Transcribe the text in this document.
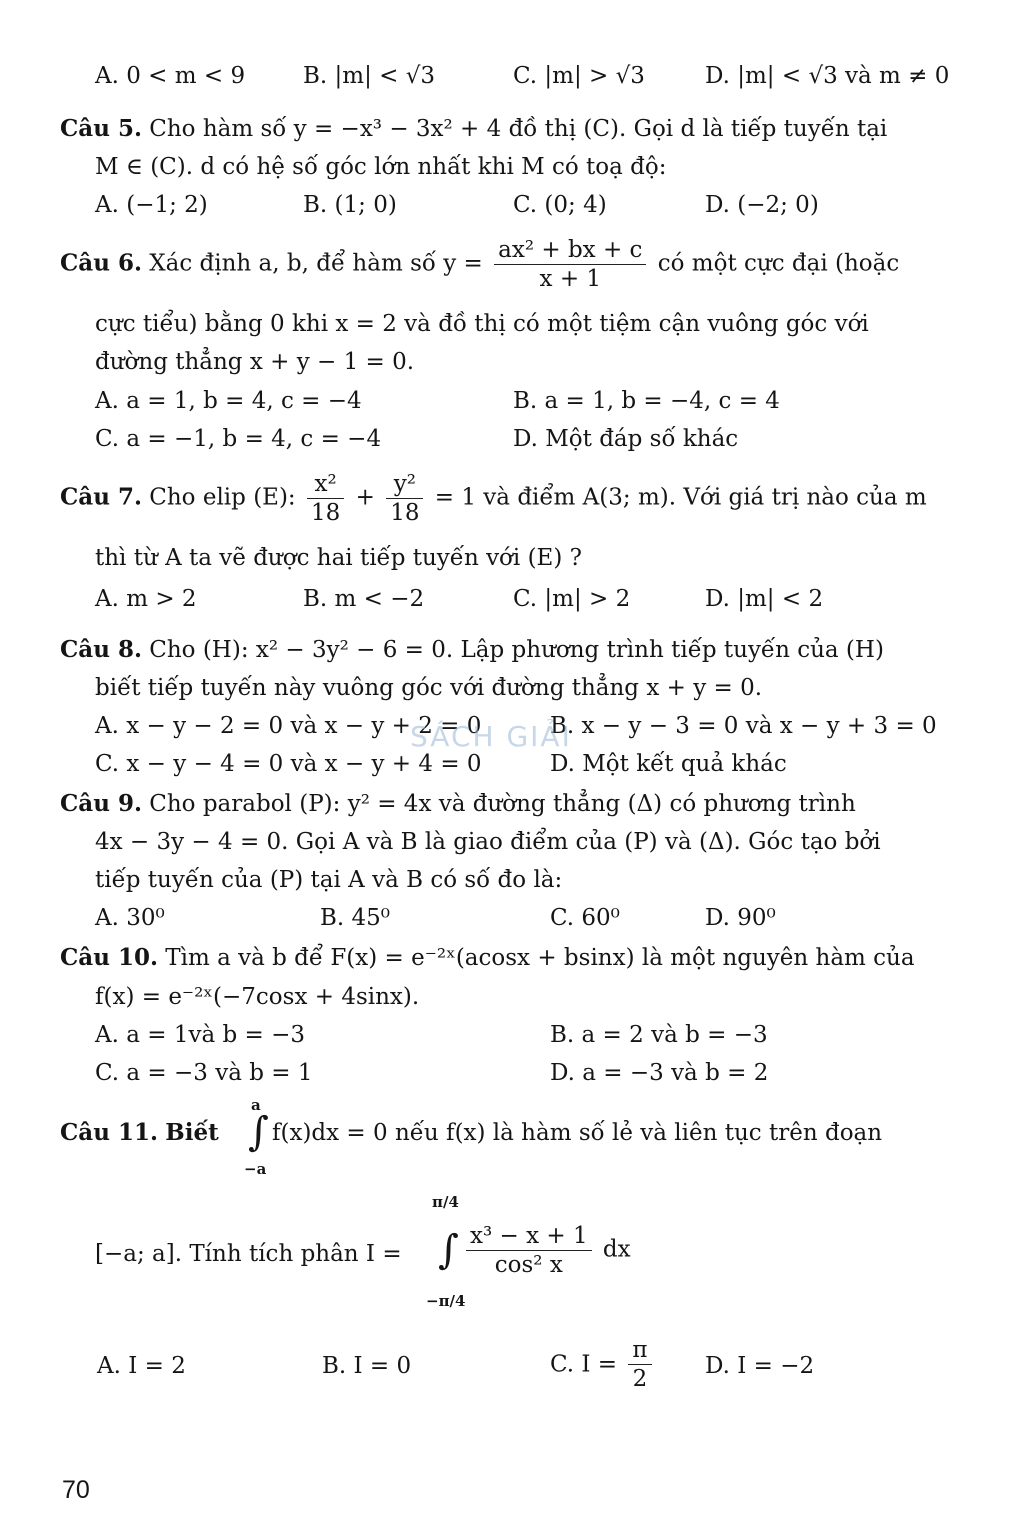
A. 0 < m < 9	B. |m| < √3	C. |m| > √3	D. |m| < √3 và m ≠ 0
Câu 5. Cho hàm số y = −x³ − 3x² + 4 đồ thị (C). Gọi d là tiếp tuyến tại
M ∈ (C). d có hệ số góc lớn nhất khi M có toạ độ:
A. (−1; 2)	B. (1; 0)	C. (0; 4)	D. (−2; 0)
Câu 6. Xác định a, b, để hàm số $y = \frac{\text{ax² + bx + c}}{x + 1}$ có một cực đại (hoặc
cực tiểu) bằng 0 khi x = 2 và đồ thị có một tiệm cận vuông góc với
đường thẳng x + y − 1 = 0.
A. a = 1, b = 4, c = −4	B. a = 1, b = −4, c = 4
C. a = −1, b = 4, c = −4	D. Một đáp số khác
Câu 7. Cho elip (E): $\frac{\text{x²}}{18} + \frac{\text{y²}}{18} = 1$ và điểm A(3; m). Với giá trị nào của m
thì từ A ta vẽ được hai tiếp tuyến với (E) ?
A. m > 2	B. m < −2	C. |m| > 2	D. |m| < 2
Câu 8. Cho (H): x² − 3y² − 6 = 0. Lập phương trình tiếp tuyến của (H)
biết tiếp tuyến này vuông góc với đường thẳng x + y = 0.
A. x − y − 2 = 0 và x − y + 2 = 0	B. x − y − 3 = 0 và x − y + 3 = 0
C. x − y − 4 = 0 và x − y + 4 = 0	D. Một kết quả khác
SÁCH GIẢI
Câu 9. Cho parabol (P): y² = 4x và đường thẳng (Δ) có phương trình
4x − 3y − 4 = 0. Gọi A và B là giao điểm của (P) và (Δ). Góc tạo bởi
tiếp tuyến của (P) tại A và B có số đo là:
A. 30⁰	B. 45⁰	C. 60⁰	D. 90⁰
Câu 10. Tìm a và b để F(x) = e⁻²ˣ(acosx + bsinx) là một nguyên hàm của
f(x) = e⁻²ˣ(−7cosx + 4sinx).
A. a = 1và b = −3	B. a = 2 và b = −3
C. a = −3 và b = 1	D. a = −3 và b = 2
Câu 11. Biết
a
∫
−a
f(x)dx = 0 nếu f(x) là hàm số lẻ và liên tục trên đoạn
[−a; a]. Tính tích phân I =
π/4
∫
−π/4
$\frac{\text{x³ − x + 1}}{\text{cos² x}}$ dx
A. I = 2	B. I = 0	C. $I = \frac{\pi}{2} D$. I = −2
70
